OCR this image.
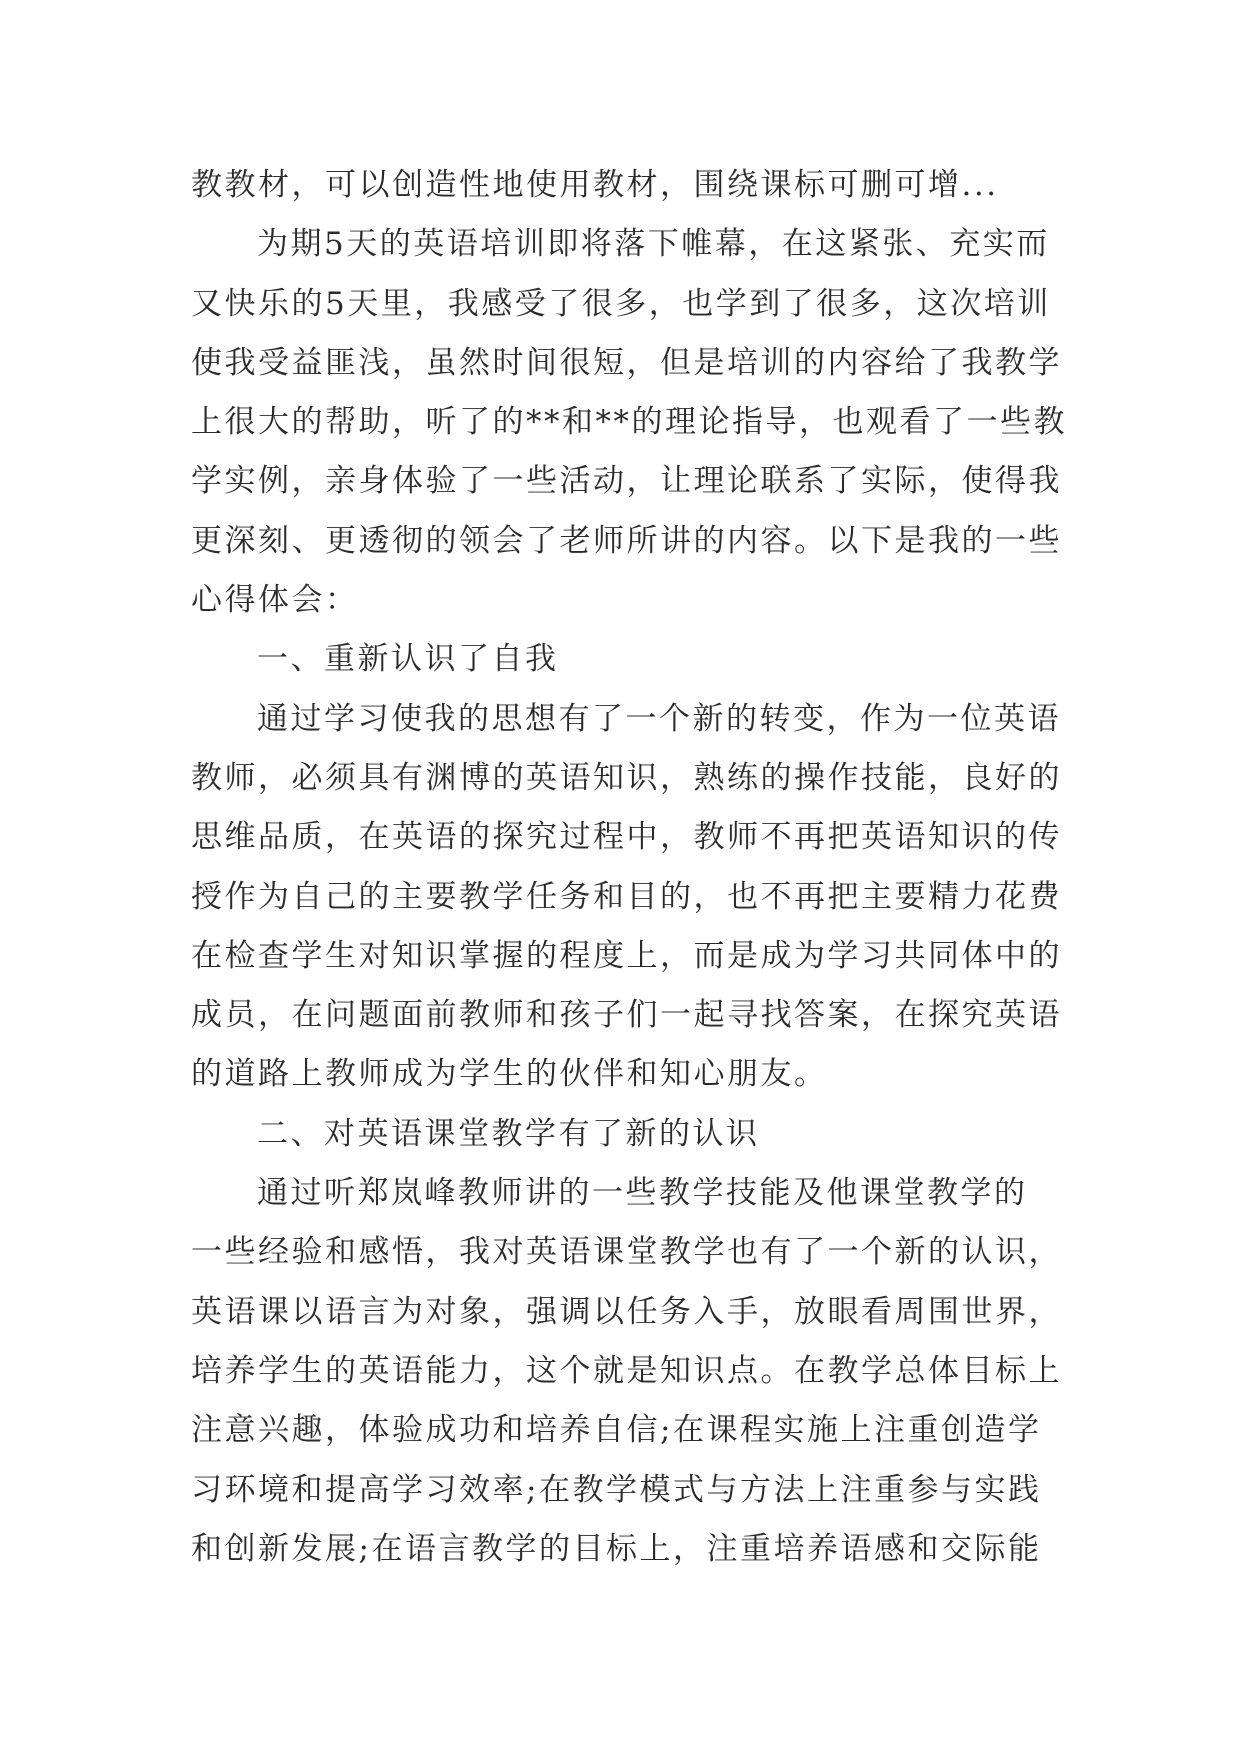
教教材，可以创造性地使用教材，围绕课标可删可增...
为期5天的英语培训即将落下帷幕，在这紧张、充实而
又快乐的5天里，我感受了很多，也学到了很多，这次培训
使我受益匪浅，虽然时间很短，但是培训的内容给了我教学
上很大的帮助，听了的**和**的理论指导，也观看了一些教
学实例，亲身体验了一些活动，让理论联系了实际，使得我
更深刻、更透彻的领会了老师所讲的内容。以下是我的一些
心得体会：
一、重新认识了自我
通过学习使我的思想有了一个新的转变，作为一位英语
教师，必须具有渊博的英语知识，熟练的操作技能，良好的
思维品质，在英语的探究过程中，教师不再把英语知识的传
授作为自己的主要教学任务和目的，也不再把主要精力花费
在检查学生对知识掌握的程度上，而是成为学习共同体中的
成员，在问题面前教师和孩子们一起寻找答案，在探究英语
的道路上教师成为学生的伙伴和知心朋友。
二、对英语课堂教学有了新的认识
通过听郑岚峰教师讲的一些教学技能及他课堂教学的
一些经验和感悟，我对英语课堂教学也有了一个新的认识，
英语课以语言为对象，强调以任务入手，放眼看周围世界，
培养学生的英语能力，这个就是知识点。在教学总体目标上
注意兴趣，体验成功和培养自信;在课程实施上注重创造学
习环境和提高学习效率;在教学模式与方法上注重参与实践
和创新发展;在语言教学的目标上，注重培养语感和交际能
